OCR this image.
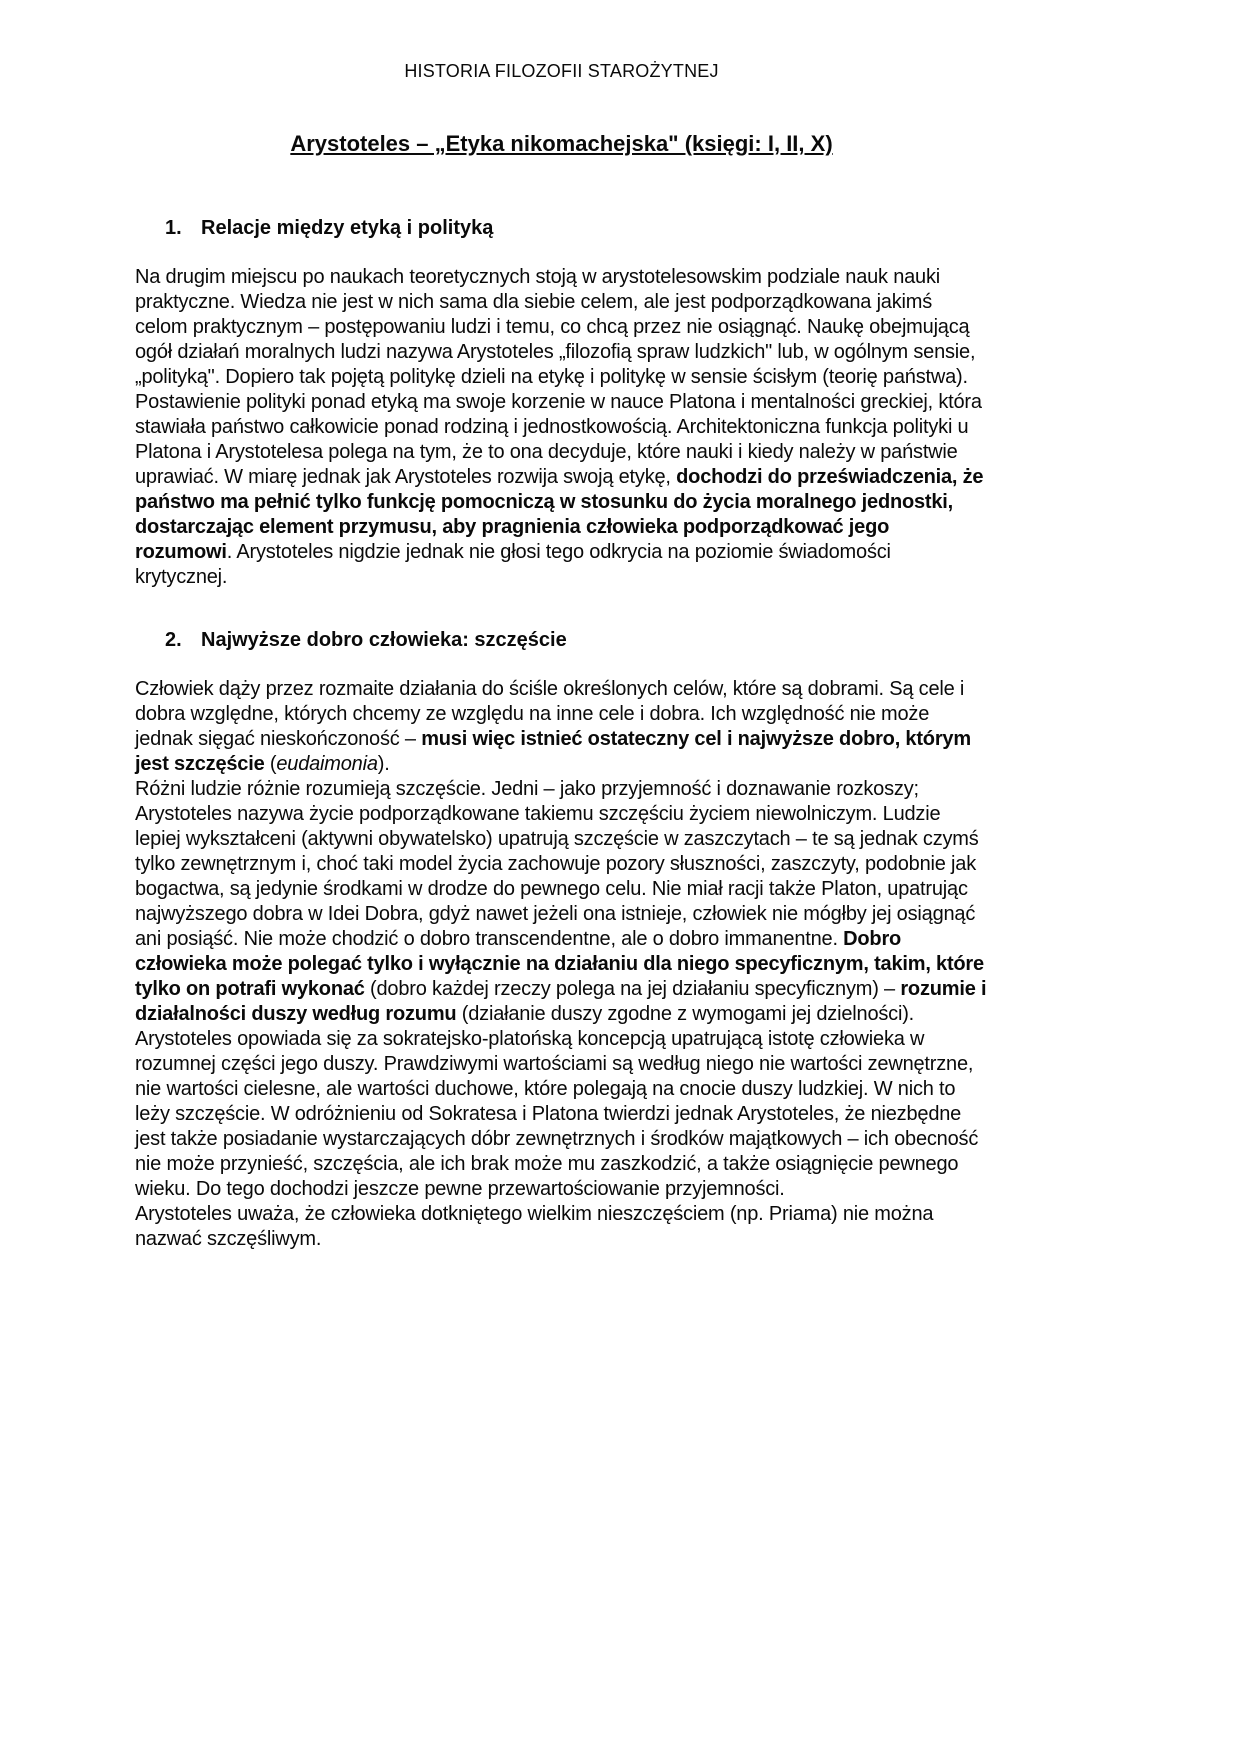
HISTORIA FILOZOFII STAROŻYTNEJ
Arystoteles – „Etyka nikomachejska" (księgi: I, II, X)
1. Relacje między etyką i polityką

Na drugim miejscu po naukach teoretycznych stoją w arystotelesowskim podziale nauk nauki praktyczne. Wiedza nie jest w nich sama dla siebie celem, ale jest podporządkowana jakimś celom praktycznym – postępowaniu ludzi i temu, co chcą przez nie osiągnąć. Naukę obejmującą ogół działań moralnych ludzi nazywa Arystoteles „filozofią spraw ludzkich" lub, w ogólnym sensie, „polityką". Dopiero tak pojętą politykę dzieli na etykę i politykę w sensie ścisłym (teorię państwa). Postawienie polityki ponad etyką ma swoje korzenie w nauce Platona i mentalności greckiej, która stawiała państwo całkowicie ponad rodziną i jednostkowością. Architektoniczna funkcja polityki u Platona i Arystotelesa polega na tym, że to ona decyduje, które nauki i kiedy należy w państwie uprawiać. W miarę jednak jak Arystoteles rozwija swoją etykę, dochodzi do przeświadczenia, że państwo ma pełnić tylko funkcję pomocniczą w stosunku do życia moralnego jednostki, dostarczając element przymusu, aby pragnienia człowieka podporządkować jego rozumowi. Arystoteles nigdzie jednak nie głosi tego odkrycia na poziomie świadomości krytycznej.

2. Najwyższe dobro człowieka: szczęście

Człowiek dąży przez rozmaite działania do ściśle określonych celów, które są dobrami. Są cele i dobra względne, których chcemy ze względu na inne cele i dobra. Ich względność nie może jednak sięgać nieskończoność – musi więc istnieć ostateczny cel i najwyższe dobro, którym jest szczęście (eudaimonia).

Różni ludzie różnie rozumieją szczęście. Jedni – jako przyjemność i doznawanie rozkoszy; Arystoteles nazywa życie podporządkowane takiemu szczęściu życiem niewolniczym. Ludzie lepiej wykształceni (aktywni obywatelsko) upatrują szczęście w zaszczytach – te są jednak czymś tylko zewnętrznym i, choć taki model życia zachowuje pozory słuszności, zaszczyty, podobnie jak bogactwa, są jedynie środkami w drodze do pewnego celu. Nie miał racji także Platon, upatrując najwyższego dobra w Idei Dobra, gdyż nawet jeżeli ona istnieje, człowiek nie mógłby jej osiągnąć ani posiąść. Nie może chodzić o dobro transcendentne, ale o dobro immanentne. Dobro człowieka może polegać tylko i wyłącznie na działaniu dla niego specyficznym, takim, które tylko on potrafi wykonać (dobro każdej rzeczy polega na jej działaniu specyficznym) – rozumie i działalności duszy według rozumu (działanie duszy zgodne z wymogami jej dzielności). Arystoteles opowiada się za sokratejsko-platońską koncepcją upatrującą istotę człowieka w rozumnej części jego duszy. Prawdziwymi wartościami są według niego nie wartości zewnętrzne, nie wartości cielesne, ale wartości duchowe, które polegają na cnocie duszy ludzkiej. W nich to leży szczęście. W odróżnieniu od Sokratesa i Platona twierdzi jednak Arystoteles, że niezbędne jest także posiadanie wystarczających dóbr zewnętrznych i środków majątkowych – ich obecność nie może przynieść, szczęścia, ale ich brak może mu zaszkodzić, a także osiągnięcie pewnego wieku. Do tego dochodzi jeszcze pewne przewartościowanie przyjemności.

Arystoteles uważa, że człowieka dotkniętego wielkim nieszczęściem (np. Priama) nie można nazwać szczęśliwym.
